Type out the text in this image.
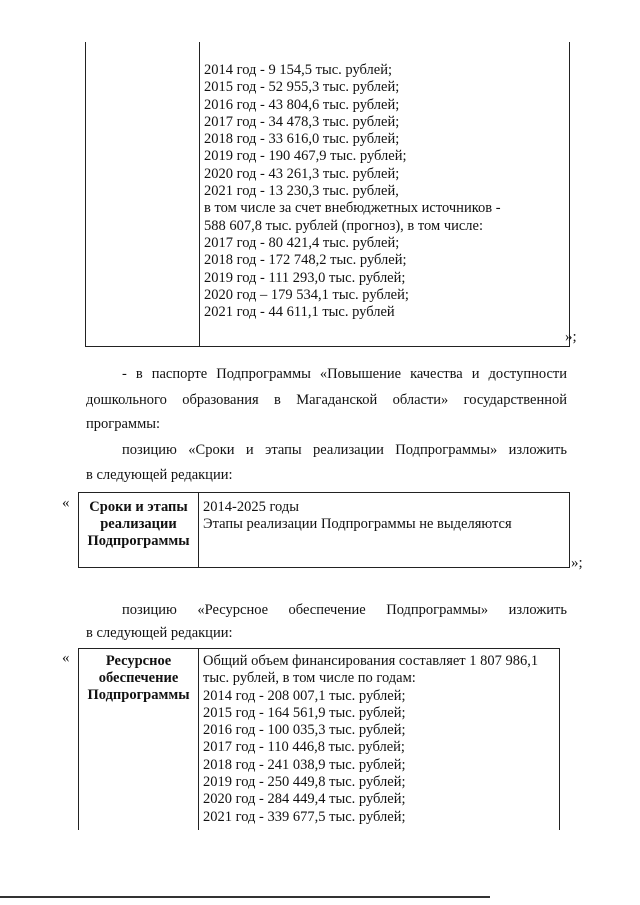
2014 год - 9 154,5 тыс. рублей;
2015 год - 52 955,3 тыс. рублей;
2016 год - 43 804,6 тыс. рублей;
2017 год - 34 478,3 тыс. рублей;
2018 год - 33 616,0 тыс. рублей;
2019 год - 190 467,9 тыс. рублей;
2020 год - 43 261,3 тыс. рублей;
2021 год - 13 230,3 тыс. рублей,
в том числе за счет внебюджетных источников -
588 607,8 тыс. рублей (прогноз), в том числе:
2017 год - 80 421,4 тыс. рублей;
2018 год - 172 748,2 тыс. рублей;
2019 год - 111 293,0 тыс. рублей;
2020 год – 179 534,1 тыс. рублей;
2021 год - 44 611,1 тыс. рублей
»;
- в паспорте Подпрограммы «Повышение качества и доступности
дошкольного образования в Магаданской области» государственной
программы:
позицию «Сроки и этапы реализации Подпрограммы» изложить
в следующей редакции:
«	Сроки и этапы
реализации
Подпрограммы
2014-2025 годы
Этапы реализации Подпрограммы не выделяются
»;
позицию «Ресурсное обеспечение Подпрограммы» изложить
в следующей редакции:
«	Ресурсное
обеспечение
Подпрограммы
Общий объем финансирования составляет 1 807 986,1
тыс. рублей, в том числе по годам:
2014 год - 208 007,1 тыс. рублей;
2015 год - 164 561,9 тыс. рублей;
2016 год - 100 035,3 тыс. рублей;
2017 год - 110 446,8 тыс. рублей;
2018 год - 241 038,9 тыс. рублей;
2019 год - 250 449,8 тыс. рублей;
2020 год - 284 449,4 тыс. рублей;
2021 год - 339 677,5 тыс. рублей;
